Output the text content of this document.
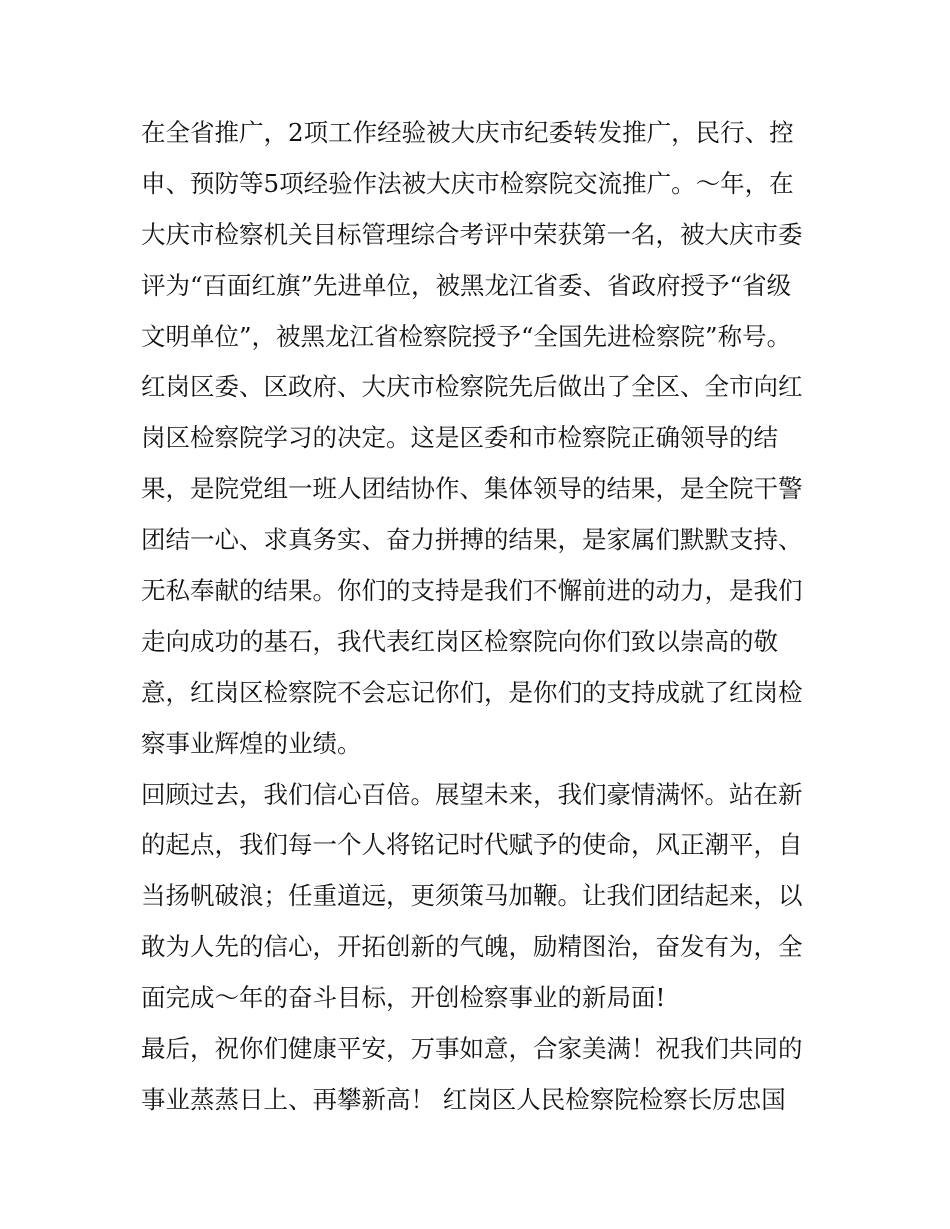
在全省推广，2项工作经验被大庆市纪委转发推广，民行、控
申、预防等5项经验作法被大庆市检察院交流推广。～年，在
大庆市检察机关目标管理综合考评中荣获第一名，被大庆市委
评为“百面红旗”先进单位，被黑龙江省委、省政府授予“省级
文明单位”，被黑龙江省检察院授予“全国先进检察院”称号。
红岗区委、区政府、大庆市检察院先后做出了全区、全市向红
岗区检察院学习的决定。这是区委和市检察院正确领导的结
果，是院党组一班人团结协作、集体领导的结果，是全院干警
团结一心、求真务实、奋力拼搏的结果，是家属们默默支持、
无私奉献的结果。你们的支持是我们不懈前进的动力，是我们
走向成功的基石，我代表红岗区检察院向你们致以崇高的敬
意，红岗区检察院不会忘记你们，是你们的支持成就了红岗检
察事业辉煌的业绩。
回顾过去，我们信心百倍。展望未来，我们豪情满怀。站在新
的起点，我们每一个人将铭记时代赋予的使命，风正潮平，自
当扬帆破浪；任重道远，更须策马加鞭。让我们团结起来，以
敢为人先的信心，开拓创新的气魄，励精图治，奋发有为，全
面完成～年的奋斗目标，开创检察事业的新局面!
最后，祝你们健康平安，万事如意，合家美满！祝我们共同的
事业蒸蒸日上、再攀新高！ 红岗区人民检察院检察长厉忠国
